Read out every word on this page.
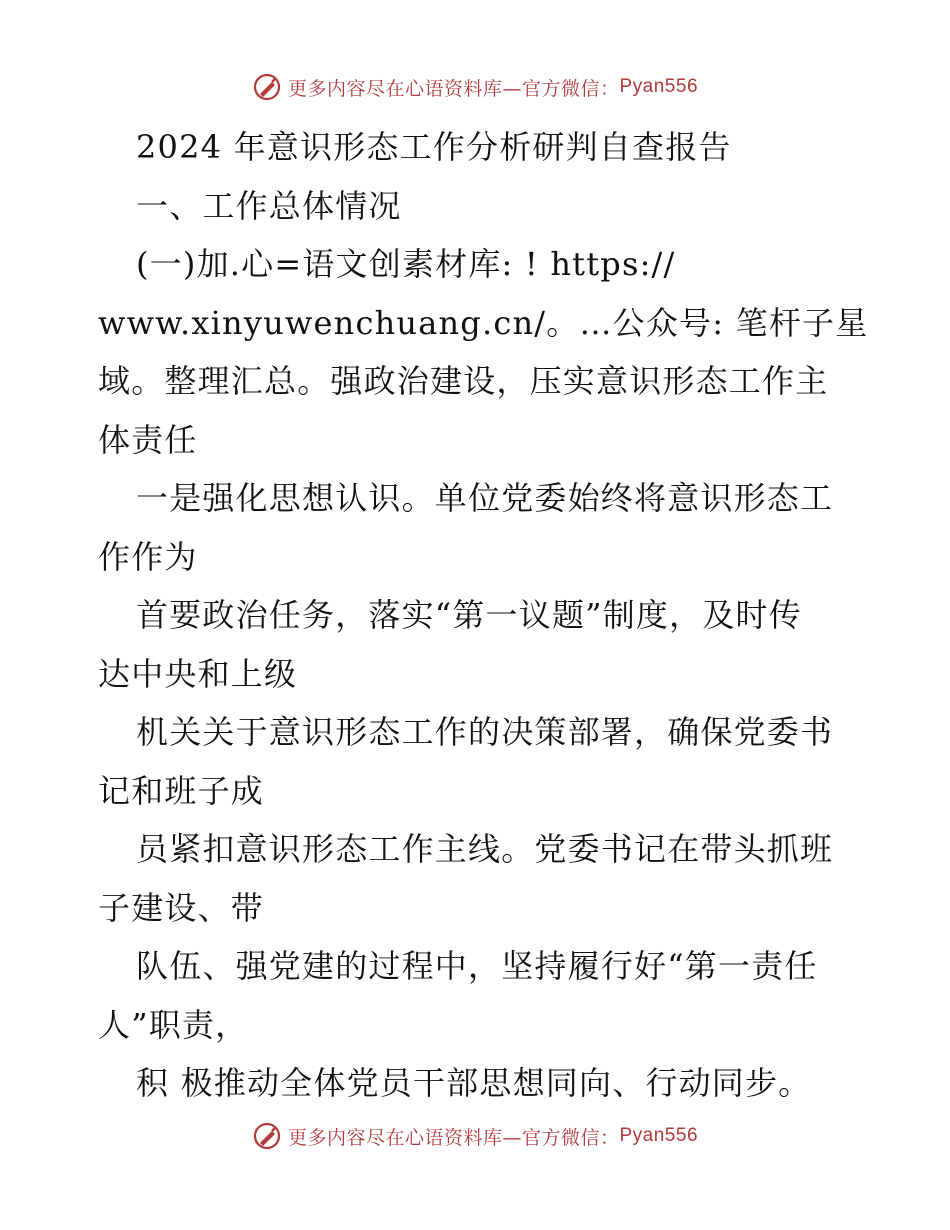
更多内容尽在心语资料库—官方微信： Pyan556
2024 年意识形态工作分析研判自查报告
一、工作总体情况
(一)加.心=语文创素材库: ! https://
www.xinyuwenchuang.cn/。…公众号: 笔杆子星
域。整理汇总。强政治建设，压实意识形态工作主
体责任
一是强化思想认识。单位党委始终将意识形态工
作作为
首要政治任务，落实“第一议题”制度，及时传
达中央和上级
机关关于意识形态工作的决策部署，确保党委书
记和班子成
员紧扣意识形态工作主线。党委书记在带头抓班
子建设、带
队伍、强党建的过程中，坚持履行好“第一责任
人”职责，
积 极推动全体党员干部思想同向、行动同步。
更多内容尽在心语资料库—官方微信： Pyan556
